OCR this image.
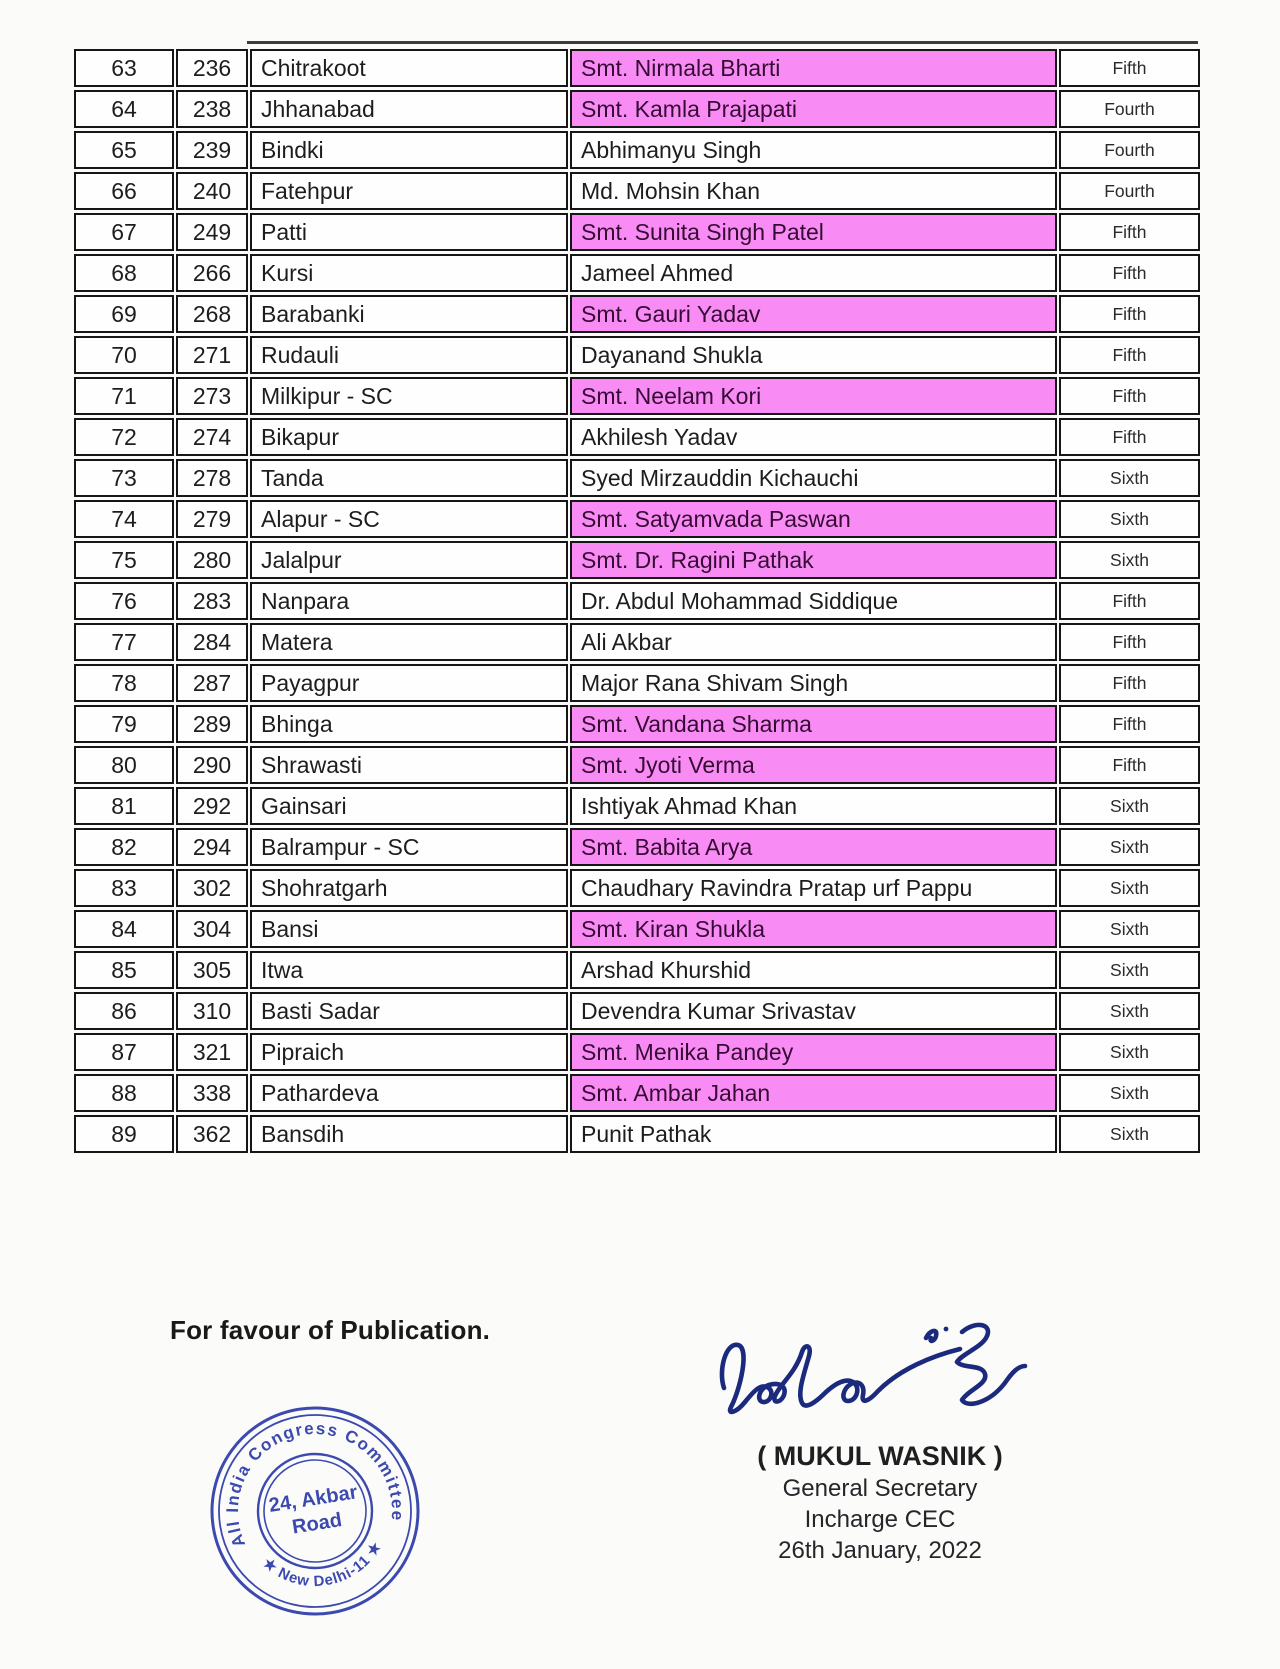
63	236	Chitrakoot	Smt. Nirmala Bharti	Fifth
64	238	Jhhanabad	Smt. Kamla Prajapati	Fourth
65	239	Bindki	Abhimanyu Singh	Fourth
66	240	Fatehpur	Md. Mohsin Khan	Fourth
67	249	Patti	Smt. Sunita Singh Patel	Fifth
68	266	Kursi	Jameel Ahmed	Fifth
69	268	Barabanki	Smt. Gauri Yadav	Fifth
70	271	Rudauli	Dayanand Shukla	Fifth
71	273	Milkipur - SC	Smt. Neelam Kori	Fifth
72	274	Bikapur	Akhilesh Yadav	Fifth
73	278	Tanda	Syed Mirzauddin Kichauchi	Sixth
74	279	Alapur - SC	Smt. Satyamvada Paswan	Sixth
75	280	Jalalpur	Smt. Dr. Ragini Pathak	Sixth
76	283	Nanpara	Dr. Abdul Mohammad Siddique	Fifth
77	284	Matera	Ali Akbar	Fifth
78	287	Payagpur	Major Rana Shivam Singh	Fifth
79	289	Bhinga	Smt. Vandana Sharma	Fifth
80	290	Shrawasti	Smt. Jyoti Verma	Fifth
81	292	Gainsari	Ishtiyak Ahmad Khan	Sixth
82	294	Balrampur - SC	Smt. Babita Arya	Sixth
83	302	Shohratgarh	Chaudhary Ravindra Pratap urf Pappu	Sixth
84	304	Bansi	Smt. Kiran Shukla	Sixth
85	305	Itwa	Arshad Khurshid	Sixth
86	310	Basti Sadar	Devendra Kumar Srivastav	Sixth
87	321	Pipraich	Smt. Menika Pandey	Sixth
88	338	Pathardeva	Smt. Ambar Jahan	Sixth
89	362	Bansdih	Punit Pathak	Sixth
For favour of Publication.
All India Congress Committee
★ New Delhi-11 ★
24, Akbar
Road
( MUKUL WASNIK )
General Secretary
Incharge CEC
26th January, 2022
